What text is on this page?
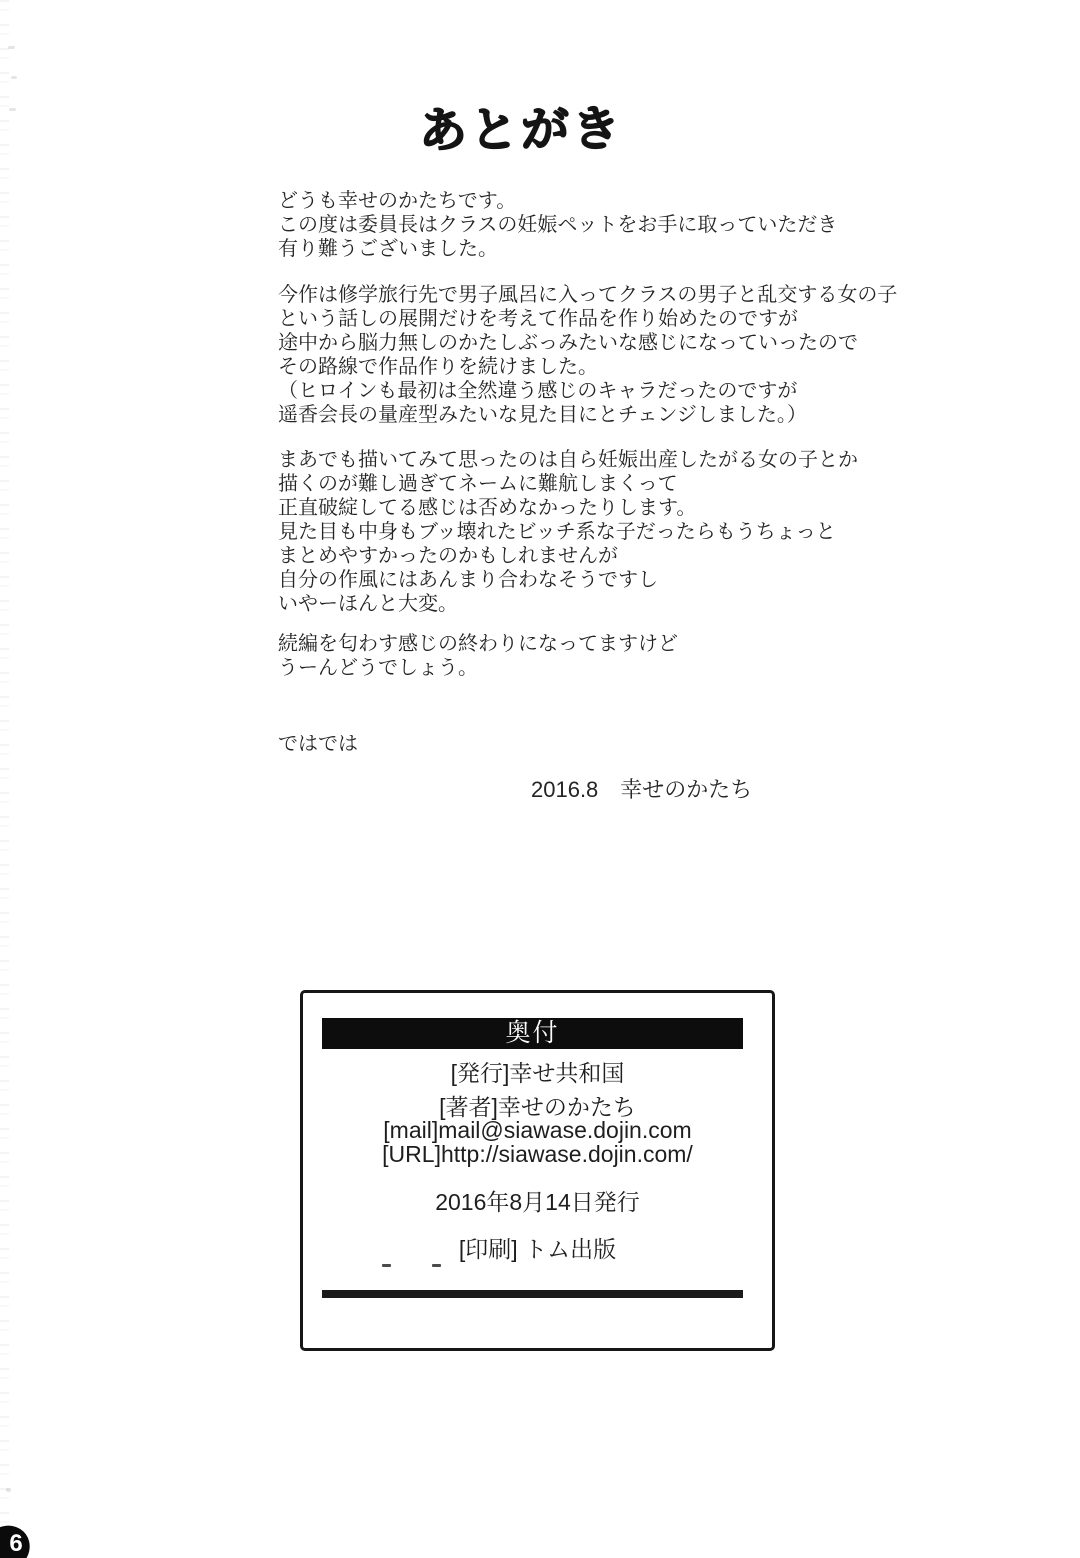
あとがき
どうも幸せのかたちです。
この度は委員長はクラスの妊娠ペットをお手に取っていただき
有り難うございました。
今作は修学旅行先で男子風呂に入ってクラスの男子と乱交する女の子
という話しの展開だけを考えて作品を作り始めたのですが
途中から脳力無しのかたしぶっみたいな感じになっていったので
その路線で作品作りを続けました。
（ヒロインも最初は全然違う感じのキャラだったのですが
遥香会長の量産型みたいな見た目にとチェンジしました。）
まあでも描いてみて思ったのは自ら妊娠出産したがる女の子とか
描くのが難し過ぎてネームに難航しまくって
正直破綻してる感じは否めなかったりします。
見た目も中身もブッ壊れたビッチ系な子だったらもうちょっと
まとめやすかったのかもしれませんが
自分の作風にはあんまり合わなそうですし
いやーほんと大変。
続編を匂わす感じの終わりになってますけど
うーんどうでしょう。
ではでは
2016.8　幸せのかたち
奥付
[発行]幸せ共和国
[著者]幸せのかたち
[mail]mail@siawase.dojin.com
[URL]http://siawase.dojin.com/
2016年8月14日発行
[印刷] トム出版
6
